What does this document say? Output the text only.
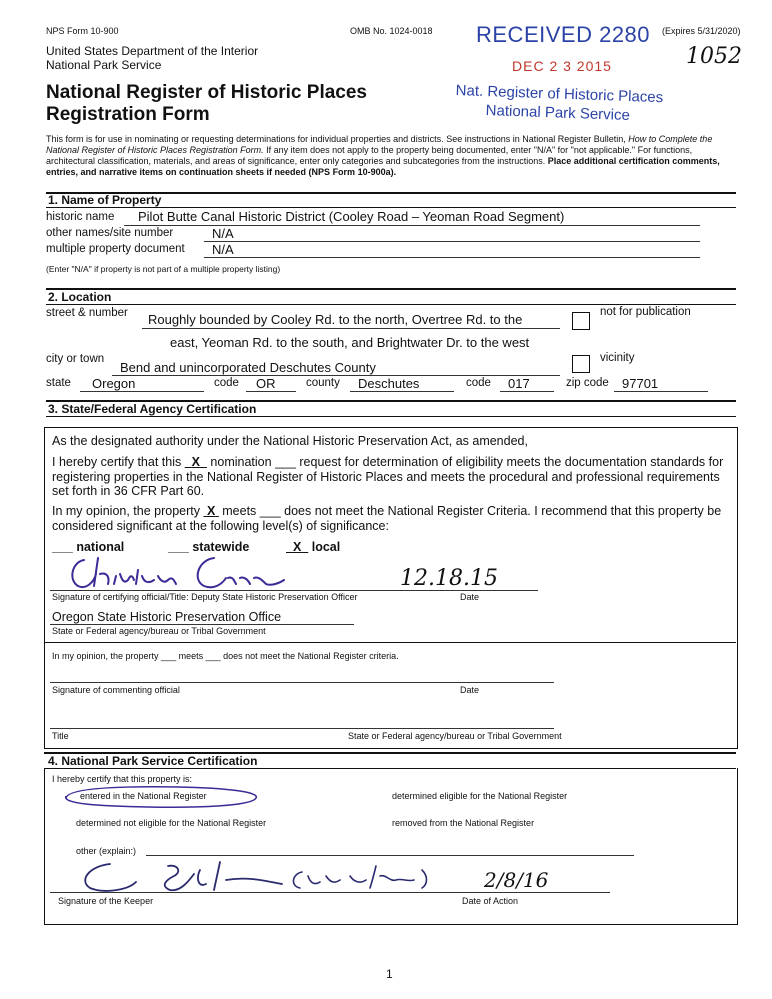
NPS Form 10-900	OMB No. 1024-0018	(Expires 5/31/2020)
United States Department of the Interior
National Park Service
National Register of Historic Places
Registration Form
RECEIVED 2280
DEC 2 3 2015
Nat. Register of Historic Places
National Park Service
1052
This form is for use in nominating or requesting determinations for individual properties and districts. See instructions in National Register Bulletin, How to Complete the National Register of Historic Places Registration Form. If any item does not apply to the property being documented, enter "N/A" for "not applicable." For functions, architectural classification, materials, and areas of significance, enter only categories and subcategories from the instructions. Place additional certification comments, entries, and narrative items on continuation sheets if needed (NPS Form 10-900a).
1. Name of Property
historic name Pilot Butte Canal Historic District (Cooley Road – Yeoman Road Segment)
other names/site number	N/A
multiple property document N/A
(Enter "N/A" if property is not part of a multiple property listing)
2. Location
street & number Roughly bounded by Cooley Rd. to the north, Overtree Rd. to the
east, Yeoman Rd. to the south, and Brightwater Dr. to the west
not for publication
city or town
Bend and unincorporated Deschutes County
vicinity
state Oregon	code OR	county Deschutes	code 017	zip code 97701
3. State/Federal Agency Certification
As the designated authority under the National Historic Preservation Act, as amended,
I hereby certify that this   X   nomination ___ request for determination of eligibility meets the documentation standards for registering properties in the National Register of Historic Places and meets the procedural and professional requirements set forth in 36 CFR Part 60.
In my opinion, the property  X  meets ___ does not meet the National Register Criteria. I recommend that this property be considered significant at the following level(s) of significance:
___ national	___ statewide	X local
12.18.15
Signature of certifying official/Title: Deputy State Historic Preservation Officer	Date
Oregon State Historic Preservation Office
State or Federal agency/bureau or Tribal Government
In my opinion, the property ___ meets ___ does not meet the National Register criteria.
Signature of commenting official	Date
Title	State or Federal agency/bureau or Tribal Government
4. National Park Service Certification
I hereby certify that this property is:
entered in the National Register	determined eligible for the National Register
determined not eligible for the National Register	removed from the National Register
other (explain:)
2/8/16
Signature of the Keeper	Date of Action
1
